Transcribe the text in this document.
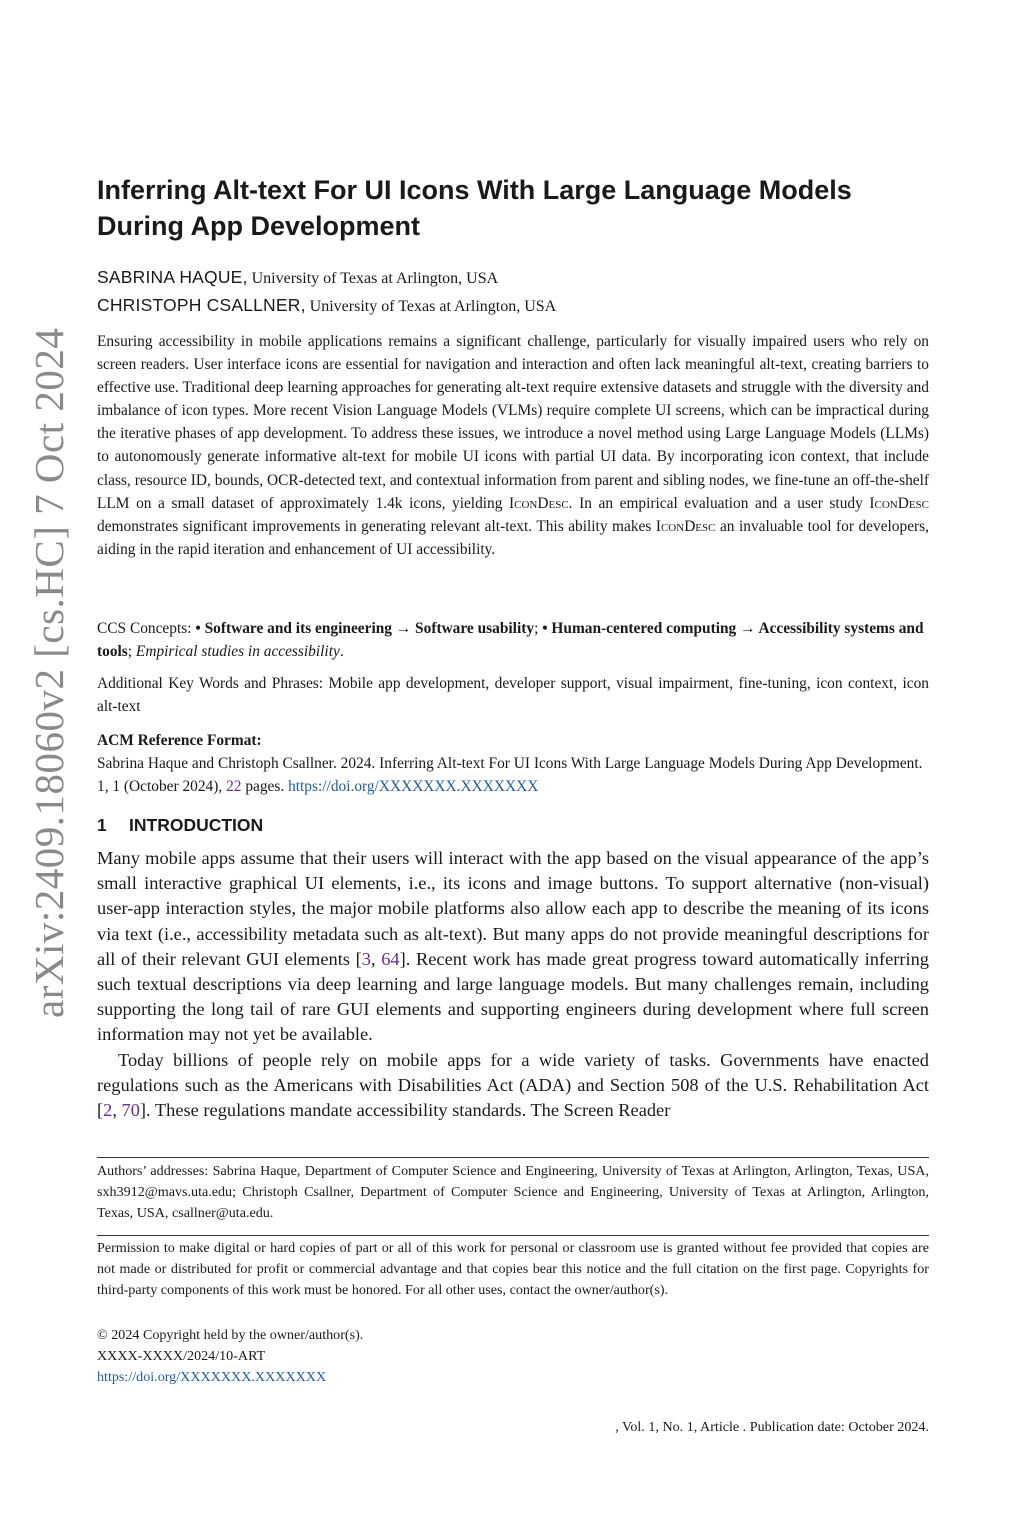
arXiv:2409.18060v2 [cs.HC] 7 Oct 2024
Inferring Alt-text For UI Icons With Large Language Models
During App Development
SABRINA HAQUE, University of Texas at Arlington, USA
CHRISTOPH CSALLNER, University of Texas at Arlington, USA
Ensuring accessibility in mobile applications remains a significant challenge, particularly for visually impaired users who rely on screen readers. User interface icons are essential for navigation and interaction and often lack meaningful alt-text, creating barriers to effective use. Traditional deep learning approaches for generating alt-text require extensive datasets and struggle with the diversity and imbalance of icon types. More recent Vision Language Models (VLMs) require complete UI screens, which can be impractical during the iterative phases of app development. To address these issues, we introduce a novel method using Large Language Models (LLMs) to autonomously generate informative alt-text for mobile UI icons with partial UI data. By incorporating icon context, that include class, resource ID, bounds, OCR-detected text, and contextual information from parent and sibling nodes, we fine-tune an off-the-shelf LLM on a small dataset of approximately 1.4k icons, yielding IconDesc. In an empirical evaluation and a user study IconDesc demonstrates significant improvements in generating relevant alt-text. This ability makes IconDesc an invaluable tool for developers, aiding in the rapid iteration and enhancement of UI accessibility.
CCS Concepts: • Software and its engineering → Software usability; • Human-centered computing → Accessibility systems and tools; Empirical studies in accessibility.
Additional Key Words and Phrases: Mobile app development, developer support, visual impairment, fine-tuning, icon context, icon alt-text
ACM Reference Format:
Sabrina Haque and Christoph Csallner. 2024. Inferring Alt-text For UI Icons With Large Language Models During App Development. 1, 1 (October 2024), 22 pages. https://doi.org/XXXXXXX.XXXXXXX
1 INTRODUCTION

Many mobile apps assume that their users will interact with the app based on the visual appearance of the app’s small interactive graphical UI elements, i.e., its icons and image buttons. To support alternative (non-visual) user-app interaction styles, the major mobile platforms also allow each app to describe the meaning of its icons via text (i.e., accessibility metadata such as alt-text). But many apps do not provide meaningful descriptions for all of their relevant GUI elements [3, 64]. Recent work has made great progress toward automatically inferring such textual descriptions via deep learning and large language models. But many challenges remain, including supporting the long tail of rare GUI elements and supporting engineers during development where full screen information may not yet be available.

Today billions of people rely on mobile apps for a wide variety of tasks. Governments have enacted regulations such as the Americans with Disabilities Act (ADA) and Section 508 of the U.S. Rehabilitation Act [2, 70]. These regulations mandate accessibility standards. The Screen Reader

Authors’ addresses: Sabrina Haque, Department of Computer Science and Engineering, University of Texas at Arlington, Arlington, Texas, USA, sxh3912@mavs.uta.edu; Christoph Csallner, Department of Computer Science and Engineering, University of Texas at Arlington, Arlington, Texas, USA, csallner@uta.edu.
Permission to make digital or hard copies of part or all of this work for personal or classroom use is granted without fee provided that copies are not made or distributed for profit or commercial advantage and that copies bear this notice and the full citation on the first page. Copyrights for third-party components of this work must be honored. For all other uses, contact the owner/author(s).
© 2024 Copyright held by the owner/author(s).
XXXX-XXXX/2024/10-ART
https://doi.org/XXXXXXX.XXXXXXX
, Vol. 1, No. 1, Article . Publication date: October 2024.
